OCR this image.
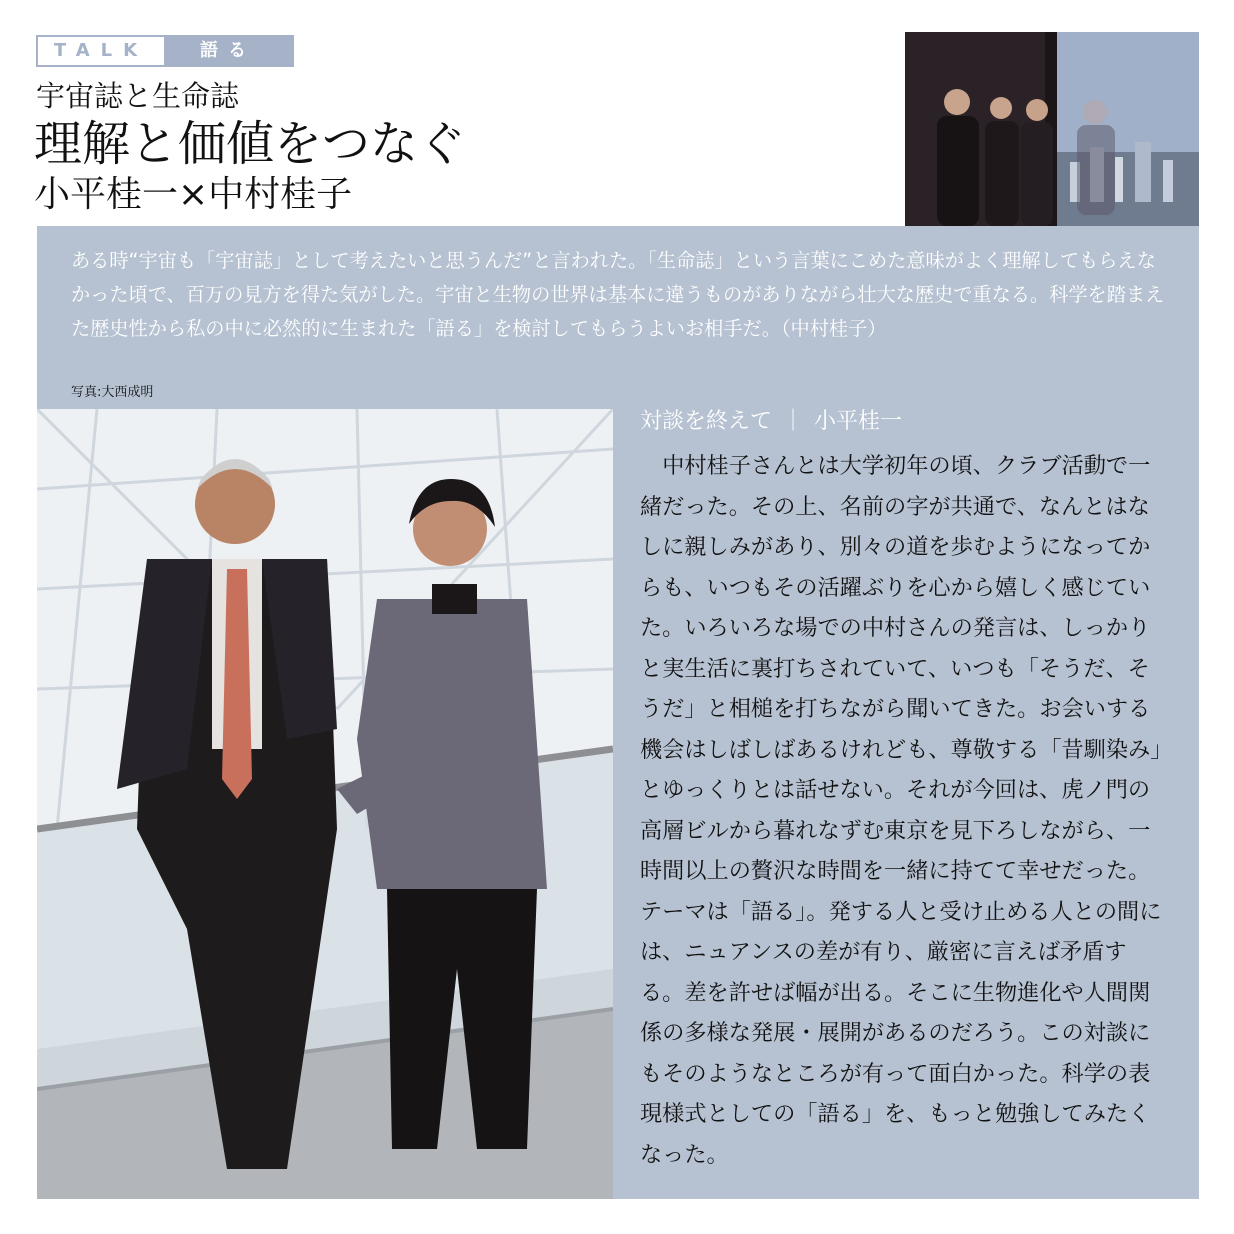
TALK	語る
宇宙誌と生命誌
理解と価値をつなぐ
小平桂一×中村桂子

ある時“宇宙も「宇宙誌」として考えたいと思うんだ”と言われた。「生命誌」という言葉にこめた意味がよく理解してもらえなかった頃で、百万の見方を得た気がした。宇宙と生物の世界は基本に違うものがありながら壮大な歴史で重なる。科学を踏まえた歴史性から私の中に必然的に生まれた「語る」を検討してもらうよいお相手だ。（中村桂子）

写真:大西成明

対談を終えて ｜ 小平桂一

中村桂子さんとは大学初年の頃、クラブ活動で一緒だった。その上、名前の字が共通で、なんとはなしに親しみがあり、別々の道を歩むようになってからも、いつもその活躍ぶりを心から嬉しく感じていた。いろいろな場での中村さんの発言は、しっかりと実生活に裏打ちされていて、いつも「そうだ、そうだ」と相槌を打ちながら聞いてきた。お会いする機会はしばしばあるけれども、尊敬する「昔馴染み」とゆっくりとは話せない。それが今回は、虎ノ門の高層ビルから暮れなずむ東京を見下ろしながら、一時間以上の贅沢な時間を一緒に持てて幸せだった。テーマは「語る」。発する人と受け止める人との間には、ニュアンスの差が有り、厳密に言えば矛盾する。差を許せば幅が出る。そこに生物進化や人間関係の多様な発展・展開があるのだろう。この対談にもそのようなところが有って面白かった。科学の表現様式としての「語る」を、もっと勉強してみたくなった。
